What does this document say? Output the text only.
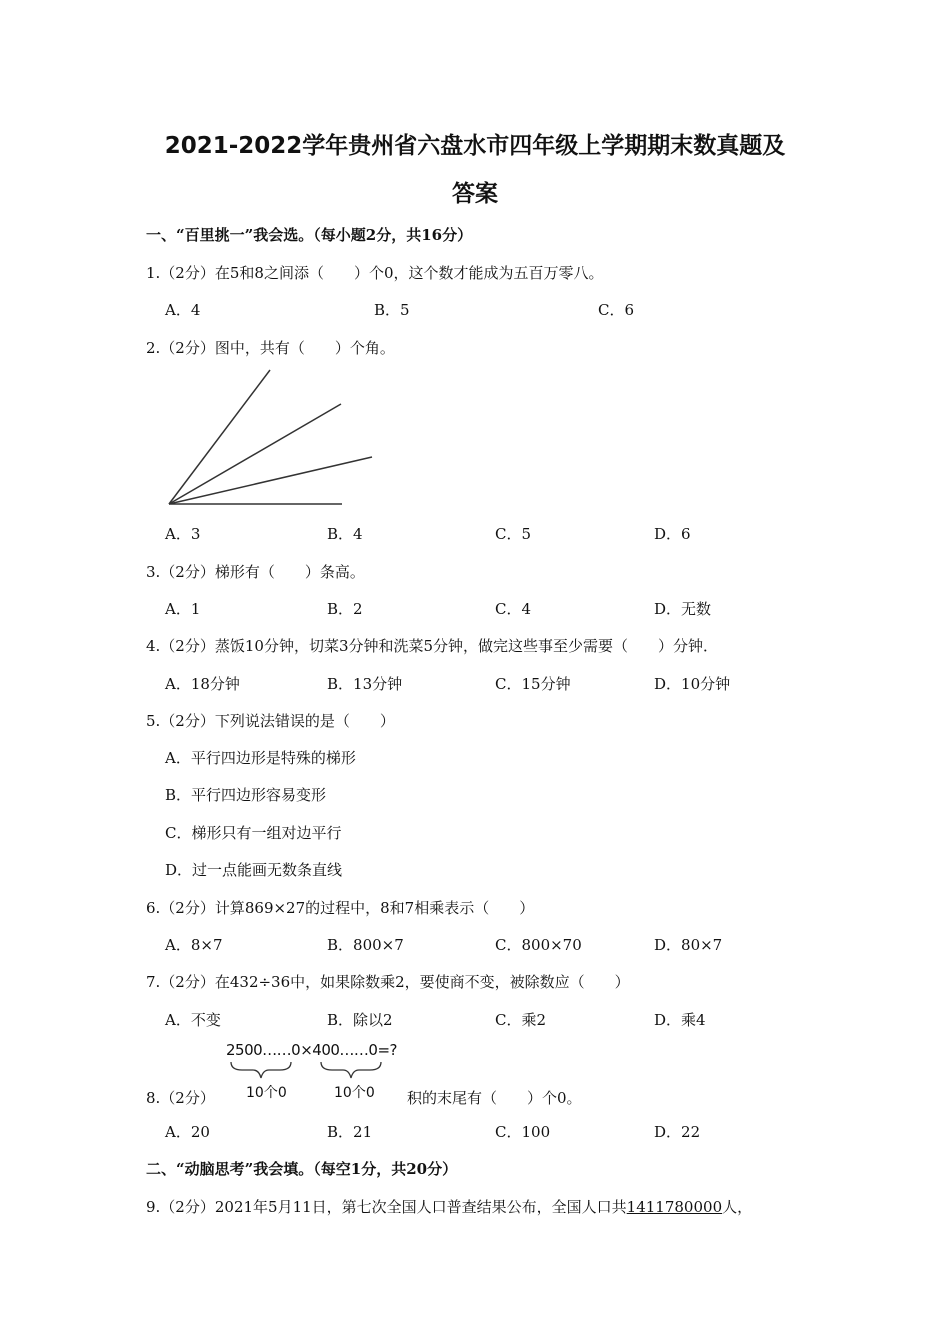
2021-2022学年贵州省六盘水市四年级上学期期末数真题及
答案
一、“百里挑一”我会选。（每小题2分，共16分）
1.（2分）在5和8之间添（　　）个0，这个数才能成为五百万零八。
A．4	B．5	C．6
2.（2分）图中，共有（　　）个角。
A．3	B．4	C．5	D．6
3.（2分）梯形有（　　）条高。
A．1	B．2	C．4	D．无数
4.（2分）蒸饭10分钟，切菜3分钟和洗菜5分钟，做完这些事至少需要（　　）分钟．
A．18分钟	B．13分钟	C．15分钟	D．10分钟
5.（2分）下列说法错误的是（　　）
A．平行四边形是特殊的梯形
B．平行四边形容易变形
C．梯形只有一组对边平行
D．过一点能画无数条直线
6.（2分）计算869×27的过程中，8和7相乘表示（　　）
A．8×7	B．800×7	C．800×70	D．80×7
7.（2分）在432÷36中，如果除数乘2，要使商不变，被除数应（　　）
A．不变	B．除以2	C．乘2	D．乘4
2500……0×400……0=?
10个0	10个0
8.（2分）	积的末尾有（　　）个0。
A．20	B．21	C．100	D．22
二、“动脑思考”我会填。（每空1分，共20分）
9.（2分）2021年5月11日，第七次全国人口普查结果公布，全国人口共1411780000人，
